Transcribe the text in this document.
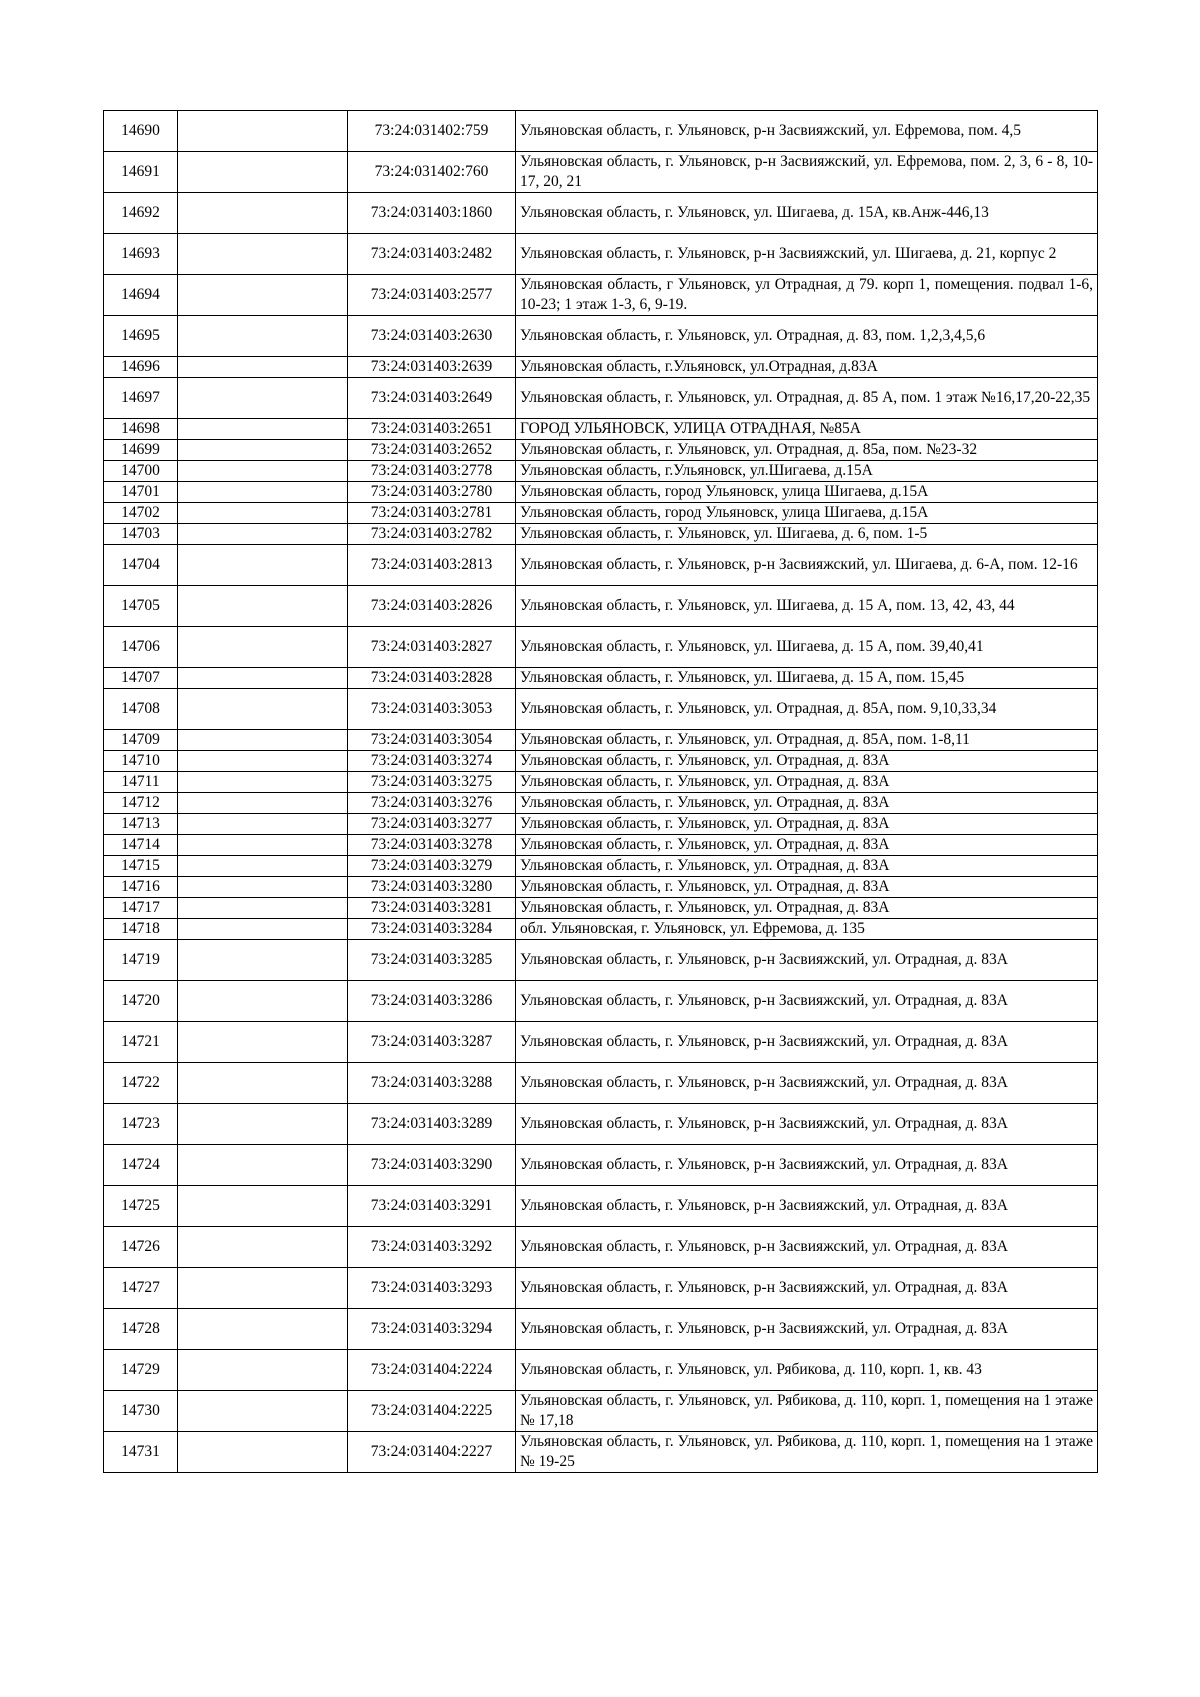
14690		73:24:031402:759	Ульяновская область, г. Ульяновск, р-н Засвияжский, ул. Ефремова, пом. 4,5
14691		73:24:031402:760	Ульяновская область, г. Ульяновск, р-н Засвияжский, ул. Ефремова, пом. 2, 3, 6 - 8, 10-17, 20, 21
14692		73:24:031403:1860	Ульяновская область, г. Ульяновск, ул. Шигаева, д. 15А, кв.Анж-446,13
14693		73:24:031403:2482	Ульяновская область, г. Ульяновск, р-н Засвияжский, ул. Шигаева, д. 21, корпус 2
14694		73:24:031403:2577	Ульяновская область, г Ульяновск, ул Отрадная, д 79. корп 1, помещения. подвал 1-6, 10-23; 1 этаж 1-3, 6, 9-19.
14695		73:24:031403:2630	Ульяновская область, г. Ульяновск, ул. Отрадная, д. 83, пом. 1,2,3,4,5,6
14696		73:24:031403:2639	Ульяновская область, г.Ульяновск, ул.Отрадная, д.83А
14697		73:24:031403:2649	Ульяновская область, г. Ульяновск, ул. Отрадная, д. 85 А, пом. 1 этаж №16,17,20-22,35
14698		73:24:031403:2651	ГОРОД УЛЬЯНОВСК, УЛИЦА ОТРАДНАЯ, №85А
14699		73:24:031403:2652	Ульяновская область, г. Ульяновск, ул. Отрадная, д. 85а, пом. №23-32
14700		73:24:031403:2778	Ульяновская область, г.Ульяновск, ул.Шигаева, д.15А
14701		73:24:031403:2780	Ульяновская область, город Ульяновск, улица Шигаева, д.15А
14702		73:24:031403:2781	Ульяновская область, город Ульяновск, улица Шигаева, д.15А
14703		73:24:031403:2782	Ульяновская область, г. Ульяновск, ул. Шигаева, д. 6, пом. 1-5
14704		73:24:031403:2813	Ульяновская область, г. Ульяновск, р-н Засвияжский, ул. Шигаева, д. 6-А, пом. 12-16
14705		73:24:031403:2826	Ульяновская область, г. Ульяновск, ул. Шигаева, д. 15 А, пом. 13, 42, 43, 44
14706		73:24:031403:2827	Ульяновская область, г. Ульяновск, ул. Шигаева, д. 15 А, пом. 39,40,41
14707		73:24:031403:2828	Ульяновская область, г. Ульяновск, ул. Шигаева, д. 15 А, пом. 15,45
14708		73:24:031403:3053	Ульяновская область, г. Ульяновск, ул. Отрадная, д. 85А, пом. 9,10,33,34
14709		73:24:031403:3054	Ульяновская область, г. Ульяновск, ул. Отрадная, д. 85А, пом. 1-8,11
14710		73:24:031403:3274	Ульяновская область, г. Ульяновск, ул. Отрадная, д. 83А
14711		73:24:031403:3275	Ульяновская область, г. Ульяновск, ул. Отрадная, д. 83А
14712		73:24:031403:3276	Ульяновская область, г. Ульяновск, ул. Отрадная, д. 83А
14713		73:24:031403:3277	Ульяновская область, г. Ульяновск, ул. Отрадная, д. 83А
14714		73:24:031403:3278	Ульяновская область, г. Ульяновск, ул. Отрадная, д. 83А
14715		73:24:031403:3279	Ульяновская область, г. Ульяновск, ул. Отрадная, д. 83А
14716		73:24:031403:3280	Ульяновская область, г. Ульяновск, ул. Отрадная, д. 83А
14717		73:24:031403:3281	Ульяновская область, г. Ульяновск, ул. Отрадная, д. 83А
14718		73:24:031403:3284	обл. Ульяновская, г. Ульяновск, ул. Ефремова, д. 135
14719		73:24:031403:3285	Ульяновская область, г. Ульяновск, р-н Засвияжский, ул. Отрадная, д. 83А
14720		73:24:031403:3286	Ульяновская область, г. Ульяновск, р-н Засвияжский, ул. Отрадная, д. 83А
14721		73:24:031403:3287	Ульяновская область, г. Ульяновск, р-н Засвияжский, ул. Отрадная, д. 83А
14722		73:24:031403:3288	Ульяновская область, г. Ульяновск, р-н Засвияжский, ул. Отрадная, д. 83А
14723		73:24:031403:3289	Ульяновская область, г. Ульяновск, р-н Засвияжский, ул. Отрадная, д. 83А
14724		73:24:031403:3290	Ульяновская область, г. Ульяновск, р-н Засвияжский, ул. Отрадная, д. 83А
14725		73:24:031403:3291	Ульяновская область, г. Ульяновск, р-н Засвияжский, ул. Отрадная, д. 83А
14726		73:24:031403:3292	Ульяновская область, г. Ульяновск, р-н Засвияжский, ул. Отрадная, д. 83А
14727		73:24:031403:3293	Ульяновская область, г. Ульяновск, р-н Засвияжский, ул. Отрадная, д. 83А
14728		73:24:031403:3294	Ульяновская область, г. Ульяновск, р-н Засвияжский, ул. Отрадная, д. 83А
14729		73:24:031404:2224	Ульяновская область, г. Ульяновск, ул. Рябикова, д. 110, корп. 1, кв. 43
14730		73:24:031404:2225	Ульяновская область, г. Ульяновск, ул. Рябикова, д. 110, корп. 1, помещения на 1 этаже № 17,18
14731		73:24:031404:2227	Ульяновская область, г. Ульяновск, ул. Рябикова, д. 110, корп. 1, помещения на 1 этаже № 19-25
